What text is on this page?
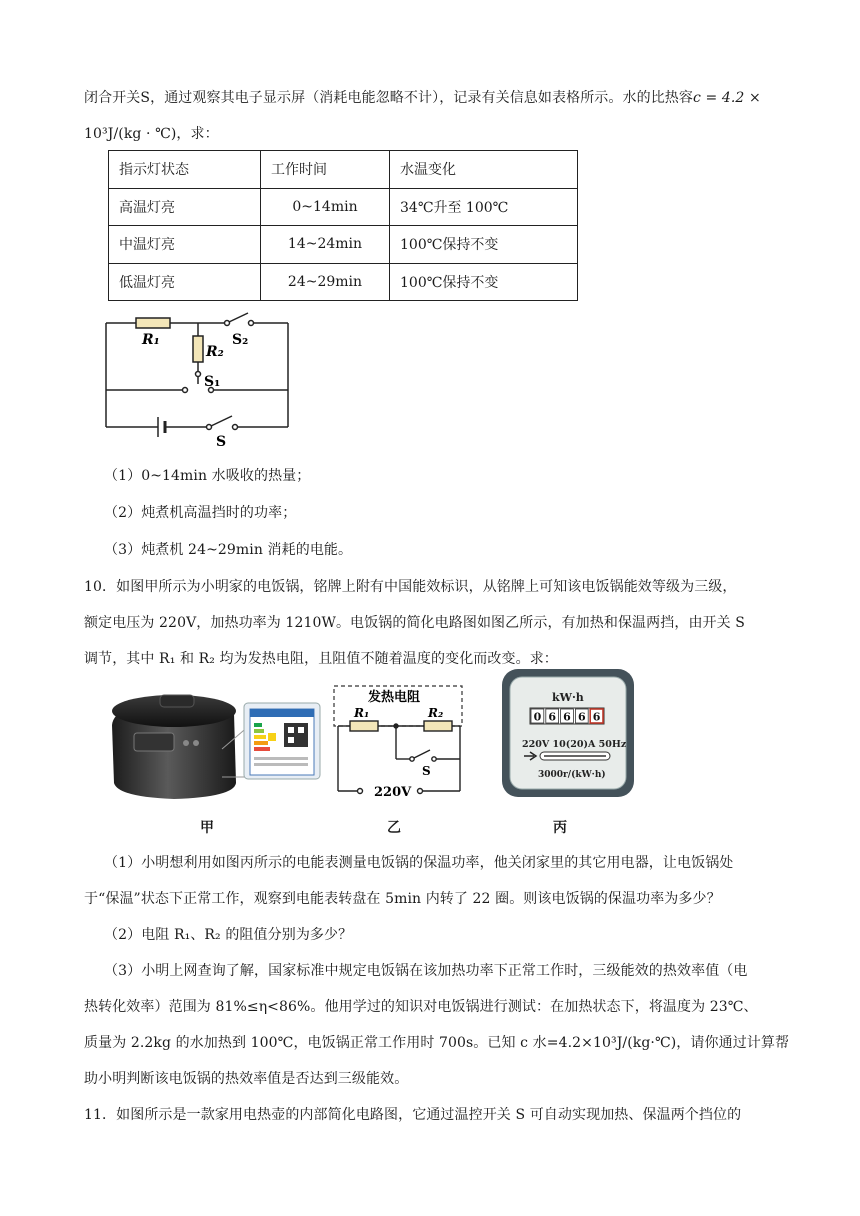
闭合开关S，通过观察其电子显示屏（消耗电能忽略不计），记录有关信息如表格所示。水的比热容c = 4.2 ×
10³J/(kg · ℃)，求：
指示灯状态	工作时间	水温变化
高温灯亮	0~14min	34℃升至 100℃
中温灯亮	14~24min	100℃保持不变
低温灯亮	24~29min	100℃保持不变
R₁
R₂
S₂
S₁
S
（1）0~14min 水吸收的热量；
（2）炖煮机高温挡时的功率；
（3）炖煮机 24~29min 消耗的电能。
10．如图甲所示为小明家的电饭锅，铭牌上附有中国能效标识，从铭牌上可知该电饭锅能效等级为三级，
额定电压为 220V，加热功率为 1210W。电饭锅的简化电路图如图乙所示，有加热和保温两挡，由开关 S
调节，其中 R₁ 和 R₂ 均为发热电阻，且阻值不随着温度的变化而改变。求：
甲
发热电阻
R₁	R₂
S
220V
乙
kW·h
0 6 6 6 6
220V 10(20)A 50Hz
3000r/(kW·h)
丙
（1）小明想利用如图丙所示的电能表测量电饭锅的保温功率，他关闭家里的其它用电器，让电饭锅处
于“保温”状态下正常工作，观察到电能表转盘在 5min 内转了 22 圈。则该电饭锅的保温功率为多少？
（2）电阻 R₁、R₂ 的阻值分别为多少？
（3）小明上网查询了解，国家标准中规定电饭锅在该加热功率下正常工作时，三级能效的热效率值（电
热转化效率）范围为 81%≤η<86%。他用学过的知识对电饭锅进行测试：在加热状态下，将温度为 23℃、
质量为 2.2kg 的水加热到 100℃，电饭锅正常工作用时 700s。已知 c 水=4.2×10³J/(kg·℃)，请你通过计算帮
助小明判断该电饭锅的热效率值是否达到三级能效。
11．如图所示是一款家用电热壶的内部简化电路图，它通过温控开关 S 可自动实现加热、保温两个挡位的
